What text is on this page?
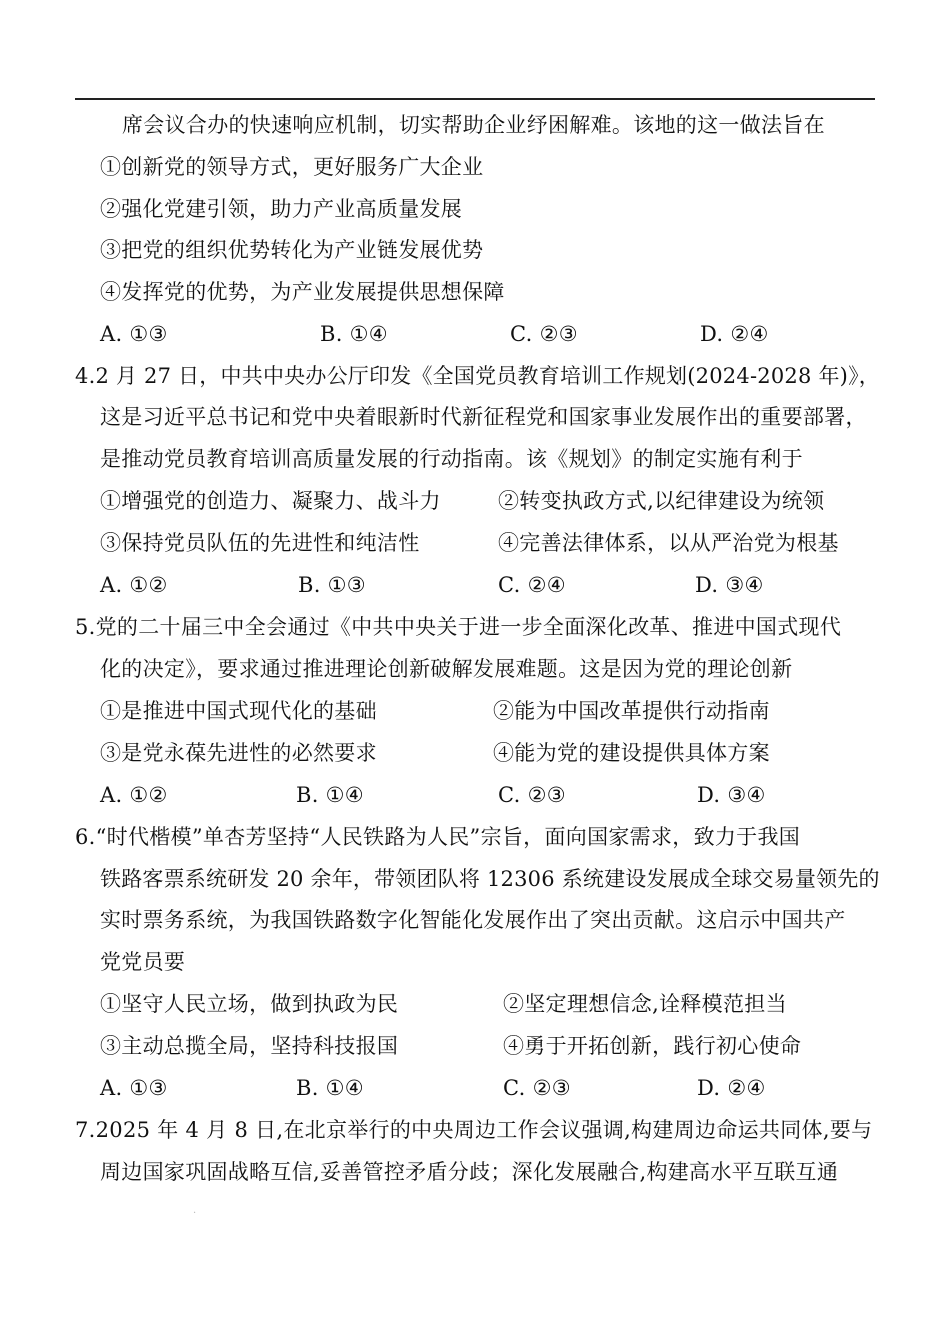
席会议合办的快速响应机制，切实帮助企业纾困解难。该地的这一做法旨在
①创新党的领导方式，更好服务广大企业
②强化党建引领，助力产业高质量发展
③把党的组织优势转化为产业链发展优势
④发挥党的优势，为产业发展提供思想保障
A. ①③	B. ①④	C. ②③	D. ②④
4.2 月 27 日，中共中央办公厅印发《全国党员教育培训工作规划(2024-2028 年)》，
这是习近平总书记和党中央着眼新时代新征程党和国家事业发展作出的重要部署，
是推动党员教育培训高质量发展的行动指南。该《规划》的制定实施有利于
①增强党的创造力、凝聚力、战斗力	②转变执政方式,以纪律建设为统领
③保持党员队伍的先进性和纯洁性	④完善法律体系，以从严治党为根基
A. ①②	B. ①③	C. ②④	D. ③④
5.党的二十届三中全会通过《中共中央关于进一步全面深化改革、推进中国式现代
化的决定》，要求通过推进理论创新破解发展难题。这是因为党的理论创新
①是推进中国式现代化的基础	②能为中国改革提供行动指南
③是党永葆先进性的必然要求	④能为党的建设提供具体方案
A. ①②	B. ①④	C. ②③	D. ③④
6.“时代楷模”单杏芳坚持“人民铁路为人民”宗旨，面向国家需求，致力于我国
铁路客票系统研发 20 余年，带领团队将 12306 系统建设发展成全球交易量领先的
实时票务系统，为我国铁路数字化智能化发展作出了突出贡献。这启示中国共产
党党员要
①坚守人民立场，做到执政为民	②坚定理想信念,诠释模范担当
③主动总揽全局，坚持科技报国	④勇于开拓创新，践行初心使命
A. ①③	B. ①④	C. ②③	D. ②④
7.2025 年 4 月 8 日,在北京举行的中央周边工作会议强调,构建周边命运共同体,要与
周边国家巩固战略互信,妥善管控矛盾分歧；深化发展融合,构建高水平互联互通
·
